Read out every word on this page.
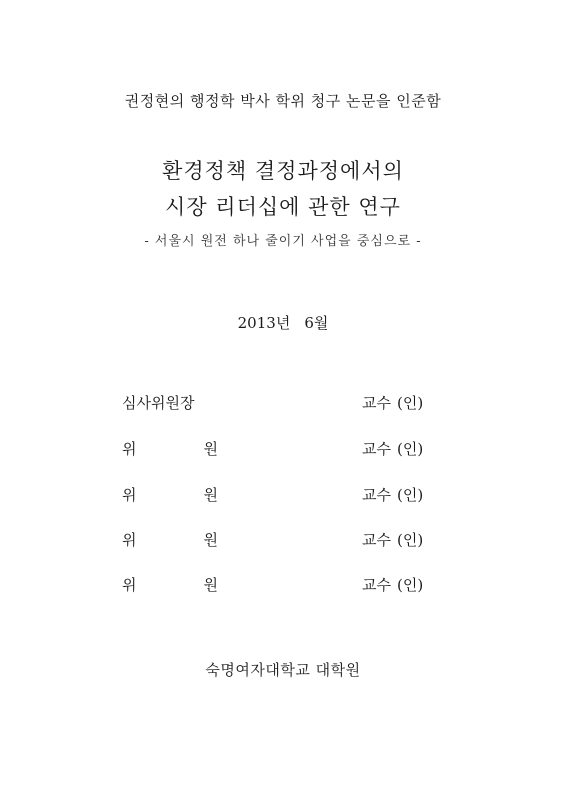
권정현의 행정학 박사 학위 청구 논문을 인준함
환경정책 결정과정에서의
시장 리더십에 관한 연구
- 서울시 원전 하나 줄이기 사업을 중심으로 -
2013년 6월
심사위원장	교수 (인)
위	원	교수 (인)
위	원	교수 (인)
위	원	교수 (인)
위	원	교수 (인)
숙명여자대학교 대학원
